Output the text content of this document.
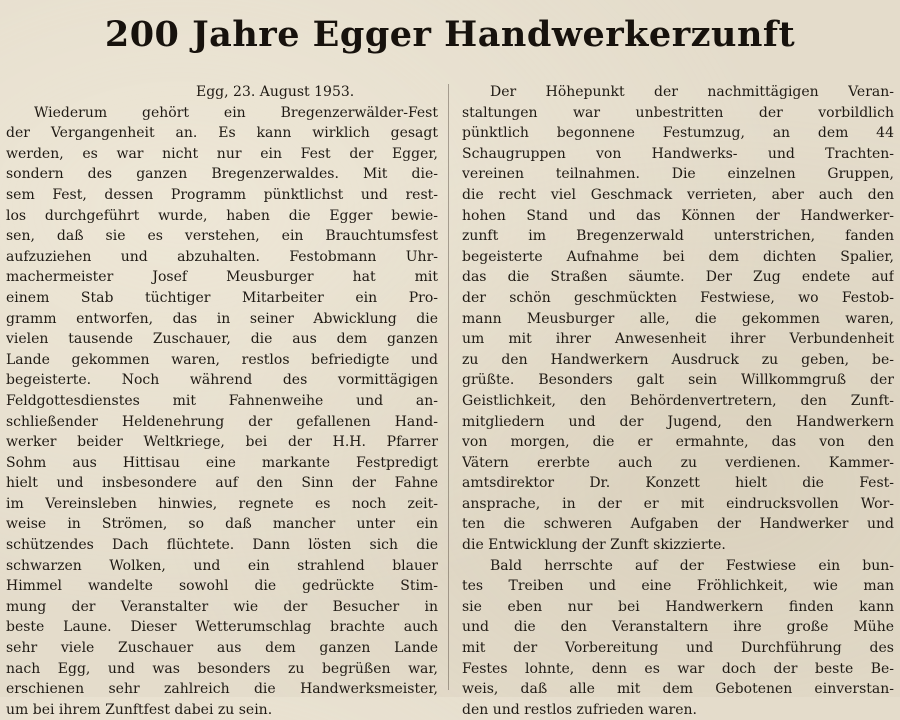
200 Jahre Egger Handwerkerzunft
Egg, 23. August 1953.
Wiederum gehört ein Bregenzerwälder-Fest
der Vergangenheit an. Es kann wirklich gesagt
werden, es war nicht nur ein Fest der Egger,
sondern des ganzen Bregenzerwaldes. Mit die-
sem Fest, dessen Programm pünktlichst und rest-
los durchgeführt wurde, haben die Egger bewie-
sen, daß sie es verstehen, ein Brauchtumsfest
aufzuziehen und abzuhalten. Festobmann Uhr-
machermeister Josef Meusburger hat mit
einem Stab tüchtiger Mitarbeiter ein Pro-
gramm entworfen, das in seiner Abwicklung die
vielen tausende Zuschauer, die aus dem ganzen
Lande gekommen waren, restlos befriedigte und
begeisterte. Noch während des vormittägigen
Feldgottesdienstes mit Fahnenweihe und an-
schließender Heldenehrung der gefallenen Hand-
werker beider Weltkriege, bei der H.H. Pfarrer
Sohm aus Hittisau eine markante Festpredigt
hielt und insbesondere auf den Sinn der Fahne
im Vereinsleben hinwies, regnete es noch zeit-
weise in Strömen, so daß mancher unter ein
schützendes Dach flüchtete. Dann lösten sich die
schwarzen Wolken, und ein strahlend blauer
Himmel wandelte sowohl die gedrückte Stim-
mung der Veranstalter wie der Besucher in
beste Laune. Dieser Wetterumschlag brachte auch
sehr viele Zuschauer aus dem ganzen Lande
nach Egg, und was besonders zu begrüßen war,
erschienen sehr zahlreich die Handwerksmeister,
um bei ihrem Zunftfest dabei zu sein.
Der Höhepunkt der nachmittägigen Veran-
staltungen war unbestritten der vorbildlich
pünktlich begonnene Festumzug, an dem 44
Schaugruppen von Handwerks- und Trachten-
vereinen teilnahmen. Die einzelnen Gruppen,
die recht viel Geschmack verrieten, aber auch den
hohen Stand und das Können der Handwerker-
zunft im Bregenzerwald unterstrichen, fanden
begeisterte Aufnahme bei dem dichten Spalier,
das die Straßen säumte. Der Zug endete auf
der schön geschmückten Festwiese, wo Festob-
mann Meusburger alle, die gekommen waren,
um mit ihrer Anwesenheit ihrer Verbundenheit
zu den Handwerkern Ausdruck zu geben, be-
grüßte. Besonders galt sein Willkommgruß der
Geistlichkeit, den Behördenvertretern, den Zunft-
mitgliedern und der Jugend, den Handwerkern
von morgen, die er ermahnte, das von den
Vätern ererbte auch zu verdienen. Kammer-
amtsdirektor Dr. Konzett hielt die Fest-
ansprache, in der er mit eindrucksvollen Wor-
ten die schweren Aufgaben der Handwerker und
die Entwicklung der Zunft skizzierte.
Bald herrschte auf der Festwiese ein bun-
tes Treiben und eine Fröhlichkeit, wie man
sie eben nur bei Handwerkern finden kann
und die den Veranstaltern ihre große Mühe
mit der Vorbereitung und Durchführung des
Festes lohnte, denn es war doch der beste Be-
weis, daß alle mit dem Gebotenen einverstan-
den und restlos zufrieden waren.
